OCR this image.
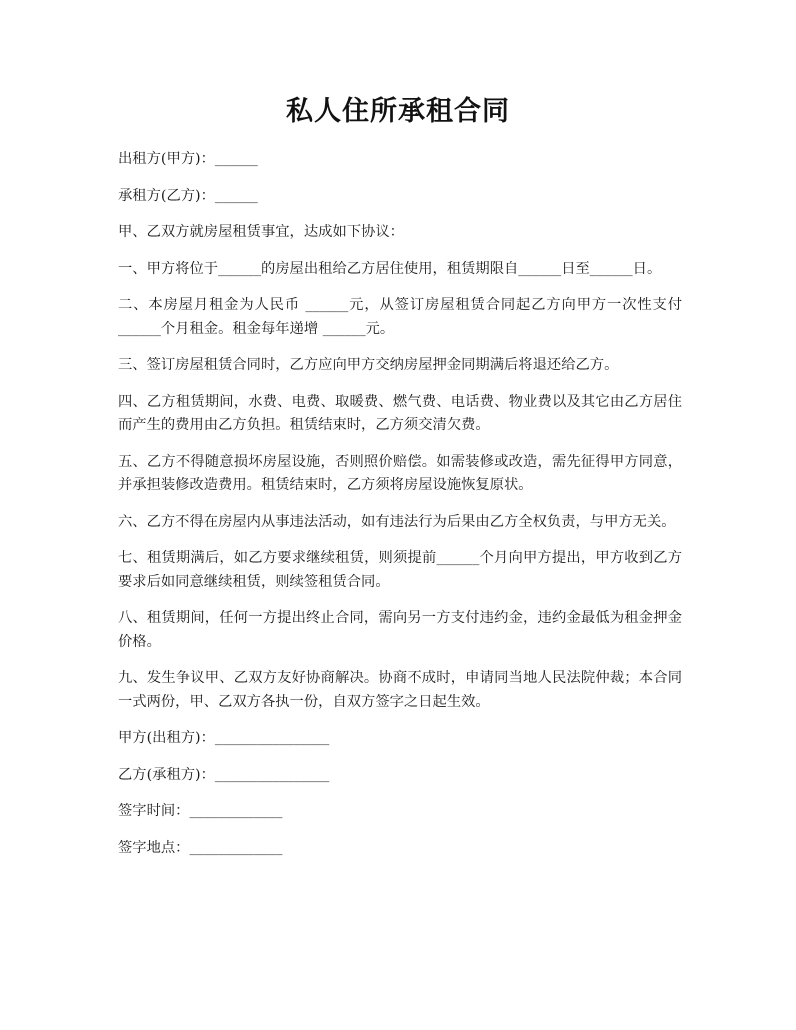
私人住所承租合同

出租方(甲方)：______

承租方(乙方)：______

甲、乙双方就房屋租赁事宜，达成如下协议：

一、甲方将位于______的房屋出租给乙方居住使用，租赁期限自______日至______日。

二、本房屋月租金为人民币 ______元，从签订房屋租赁合同起乙方向甲方一次性支付 ______个月租金。租金每年递增 ______元。

三、签订房屋租赁合同时，乙方应向甲方交纳房屋押金同期满后将退还给乙方。

四、乙方租赁期间，水费、电费、取暖费、燃气费、电话费、物业费以及其它由乙方居住而产生的费用由乙方负担。租赁结束时，乙方须交清欠费。

五、乙方不得随意损坏房屋设施，否则照价赔偿。如需装修或改造，需先征得甲方同意，并承担装修改造费用。租赁结束时，乙方须将房屋设施恢复原状。

六、乙方不得在房屋内从事违法活动，如有违法行为后果由乙方全权负责，与甲方无关。

七、租赁期满后，如乙方要求继续租赁，则须提前______个月向甲方提出，甲方收到乙方要求后如同意继续租赁，则续签租赁合同。

八、租赁期间，任何一方提出终止合同，需向另一方支付违约金，违约金最低为租金押金价格。

九、发生争议甲、乙双方友好协商解决。协商不成时，申请同当地人民法院仲裁；本合同一式两份，甲、乙双方各执一份，自双方签字之日起生效。

甲方(出租方)：________________

乙方(承租方)：________________

签字时间：_____________

签字地点：_____________
